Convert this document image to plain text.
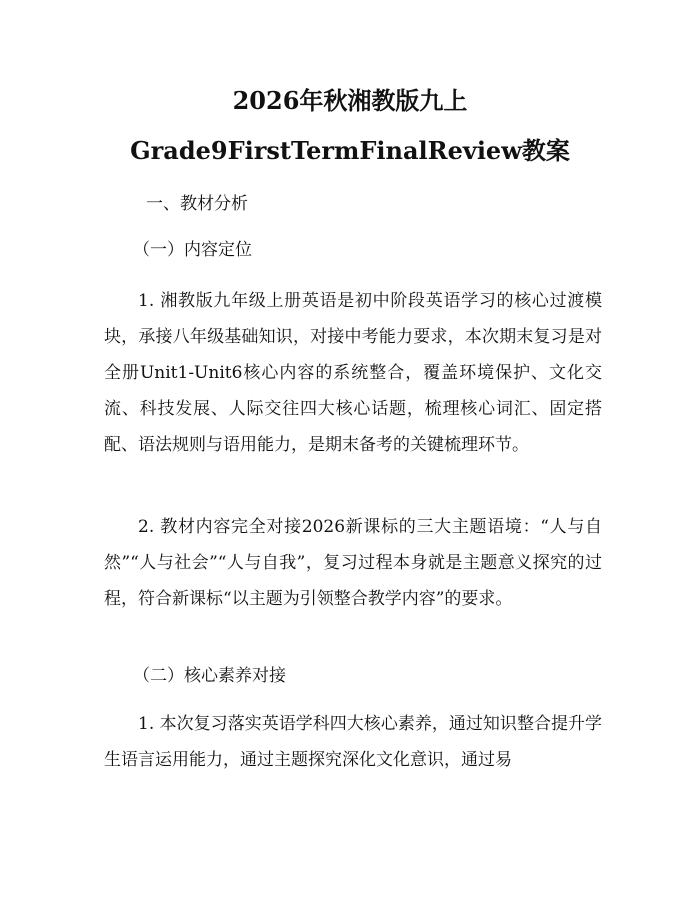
2026年秋湘教版九上
Grade9FirstTermFinalReview教案
一、教材分析
（一）内容定位

1. 湘教版九年级上册英语是初中阶段英语学习的核心过渡模块，承接八年级基础知识，对接中考能力要求，本次期末复习是对全册Unit1-Unit6核心内容的系统整合，覆盖环境保护、文化交流、科技发展、人际交往四大核心话题，梳理核心词汇、固定搭配、语法规则与语用能力，是期末备考的关键梳理环节。

2. 教材内容完全对接2026新课标的三大主题语境：“人与自然”“人与社会”“人与自我”，复习过程本身就是主题意义探究的过程，符合新课标“以主题为引领整合教学内容”的要求。

（二）核心素养对接

1. 本次复习落实英语学科四大核心素养，通过知识整合提升学生语言运用能力，通过主题探究深化文化意识，通过易
